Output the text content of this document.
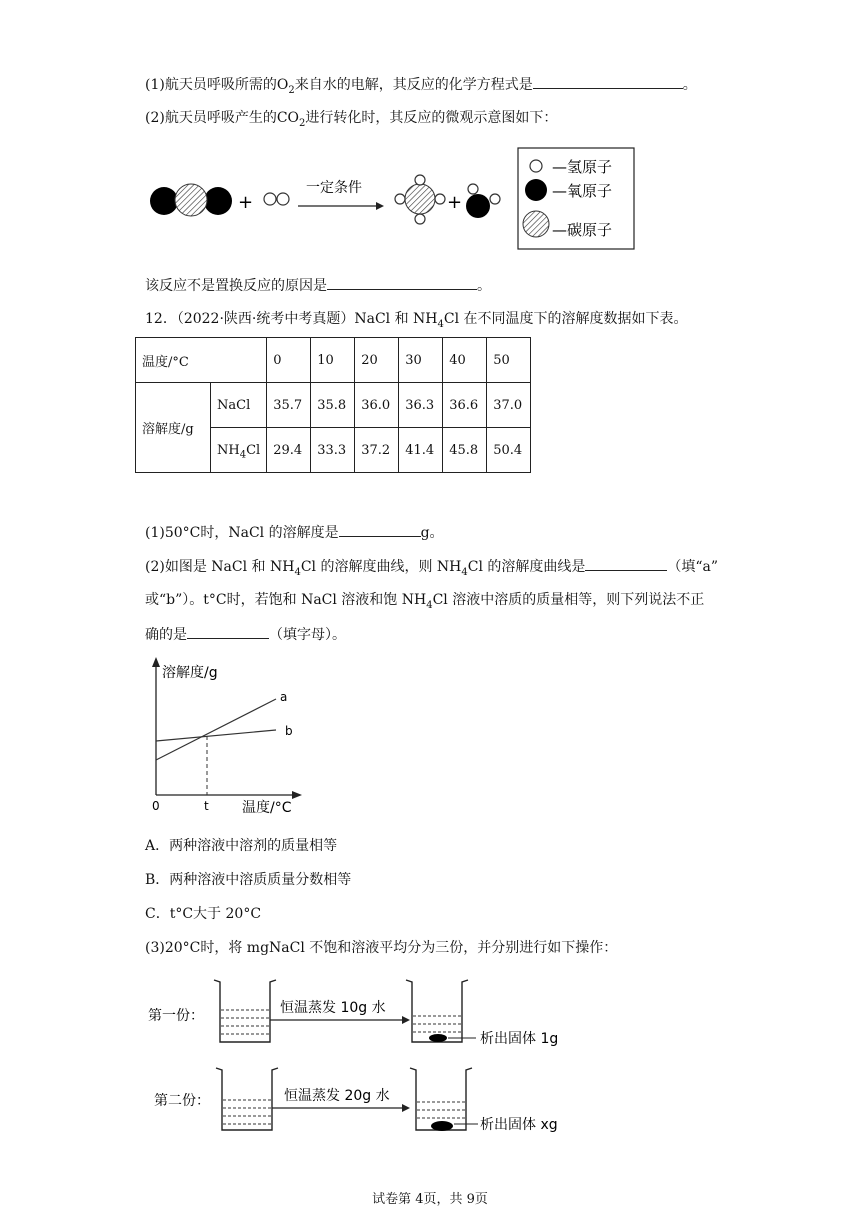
(1)航天员呼吸所需的$O_2$来自水的电解，其反应的化学方程式是	。
(2)航天员呼吸产生的$CO_2$进行转化时，其反应的微观示意图如下：
+
一定条件
+
—氢原子
—氧原子
—碳原子
该反应不是置换反应的原因是	。
12．（2022·陕西·统考中考真题）NaCl 和 $NH_4Cl$ 在不同温度下的溶解度数据如下表。
温度/°C		0	10	20	30	40	50
溶解度/g	NaCl	35.7	35.8	36.0	36.3	36.6	37.0
	$NH_4Cl$	29.4	33.3	37.2	41.4	45.8	50.4
(1)50°C时，NaCl 的溶解度是	g。
(2)如图是 NaCl 和 $NH_4Cl$ 的溶解度曲线，则 $NH_4Cl$ 的溶解度曲线是	（填“a”
或“b”）。t°C时，若饱和 NaCl 溶液和饱 $NH_4Cl$ 溶液中溶质的质量相等，则下列说法不正
确的是	（填字母）。
溶解度/g
温度/°C
0	t
a
b
A．两种溶液中溶剂的质量相等
B．两种溶液中溶质质量分数相等
C．t°C大于 20°C
(3)20°C时，将 mgNaCl 不饱和溶液平均分为三份，并分别进行如下操作：
第一份：	恒温蒸发 10g 水
析出固体 1g
第二份：	恒温蒸发 20g 水
析出固体 xg
试卷第 4页，共 9页
